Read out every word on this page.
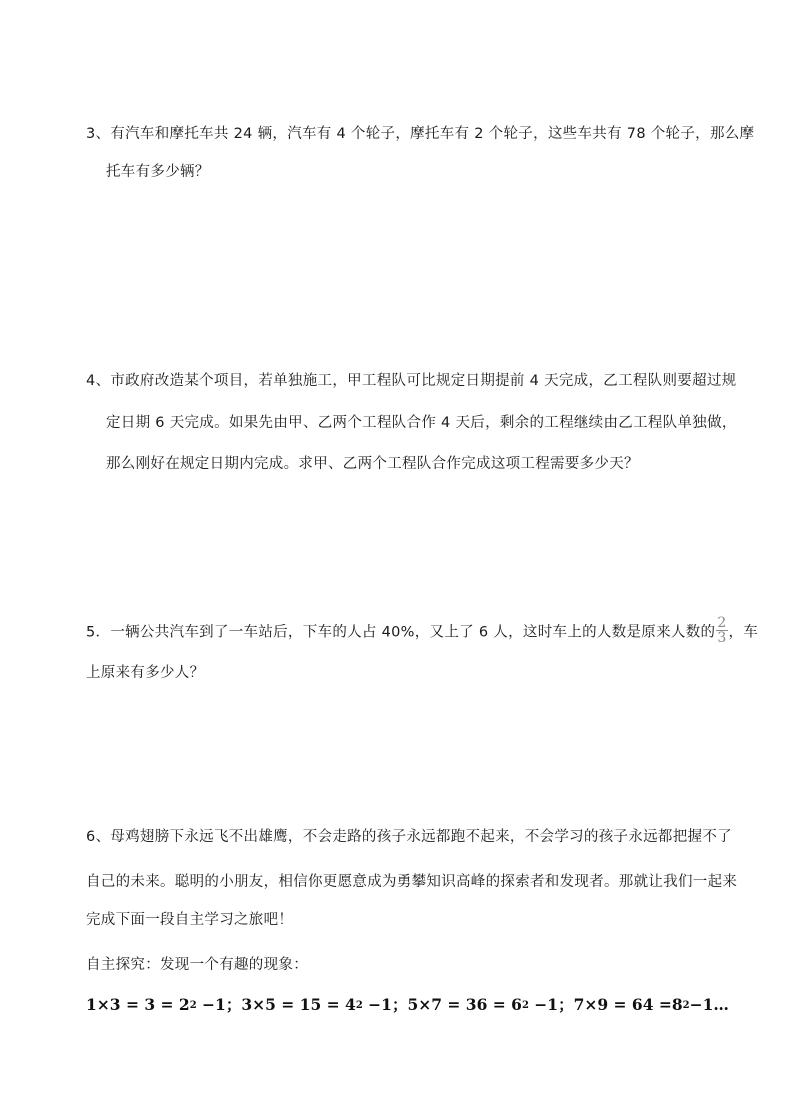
3、有汽车和摩托车共 24 辆，汽车有 4 个轮子，摩托车有 2 个轮子，这些车共有 78 个轮子，那么摩
托车有多少辆？
4、市政府改造某个项目，若单独施工，甲工程队可比规定日期提前 4 天完成，乙工程队则要超过规
定日期 6 天完成。如果先由甲、乙两个工程队合作 4 天后，剩余的工程继续由乙工程队单独做，
那么刚好在规定日期内完成。求甲、乙两个工程队合作完成这项工程需要多少天？
5．一辆公共汽车到了一车站后，下车的人占 40%，又上了 6 人，这时车上的人数是原来人数的 $\frac{2}{3}$ ，车
上原来有多少人？
6、母鸡翅膀下永远飞不出雄鹰，不会走路的孩子永远都跑不起来，不会学习的孩子永远都把握不了
自己的未来。聪明的小朋友，相信你更愿意成为勇攀知识高峰的探索者和发现者。那就让我们一起来
完成下面一段自主学习之旅吧！
自主探究：发现一个有趣的现象：
$1\times 3 = 3 = 2^2 -1$；$3\times 5 = 15 = 4^2 -1$；$5\times 7 = 36 = 6^2 -1$；$7\times 9 = 64 =8^2-1\dots$
